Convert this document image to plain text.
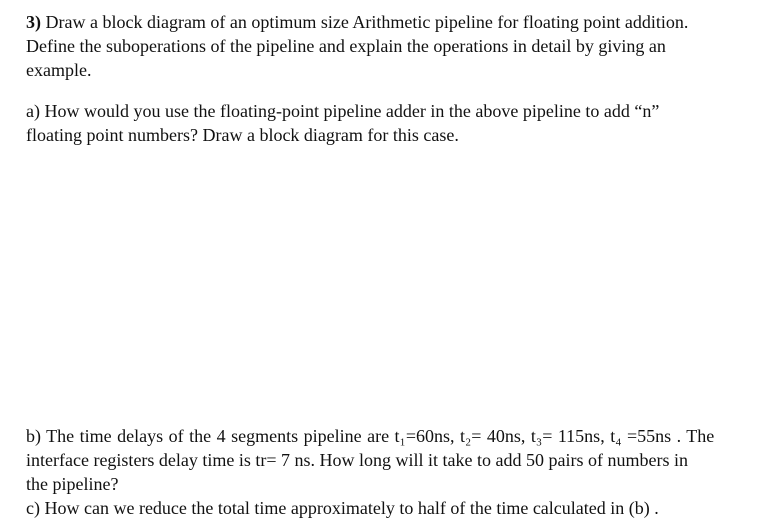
3) Draw a block diagram of an optimum size Arithmetic pipeline for floating point addition.
Define the suboperations of the pipeline and explain the operations in detail by giving an
example.

a) How would you use the floating-point pipeline adder in the above pipeline to add “n”
floating point numbers? Draw a block diagram for this case.

b) The time delays of the 4 segments pipeline are t₁=60ns, t₂= 40ns, t₃= 115ns, t₄ =55ns . The
interface registers delay time is tr= 7 ns. How long will it take to add 50 pairs of numbers in
the pipeline?

c) How can we reduce the total time approximately to half of the time calculated in (b) .
